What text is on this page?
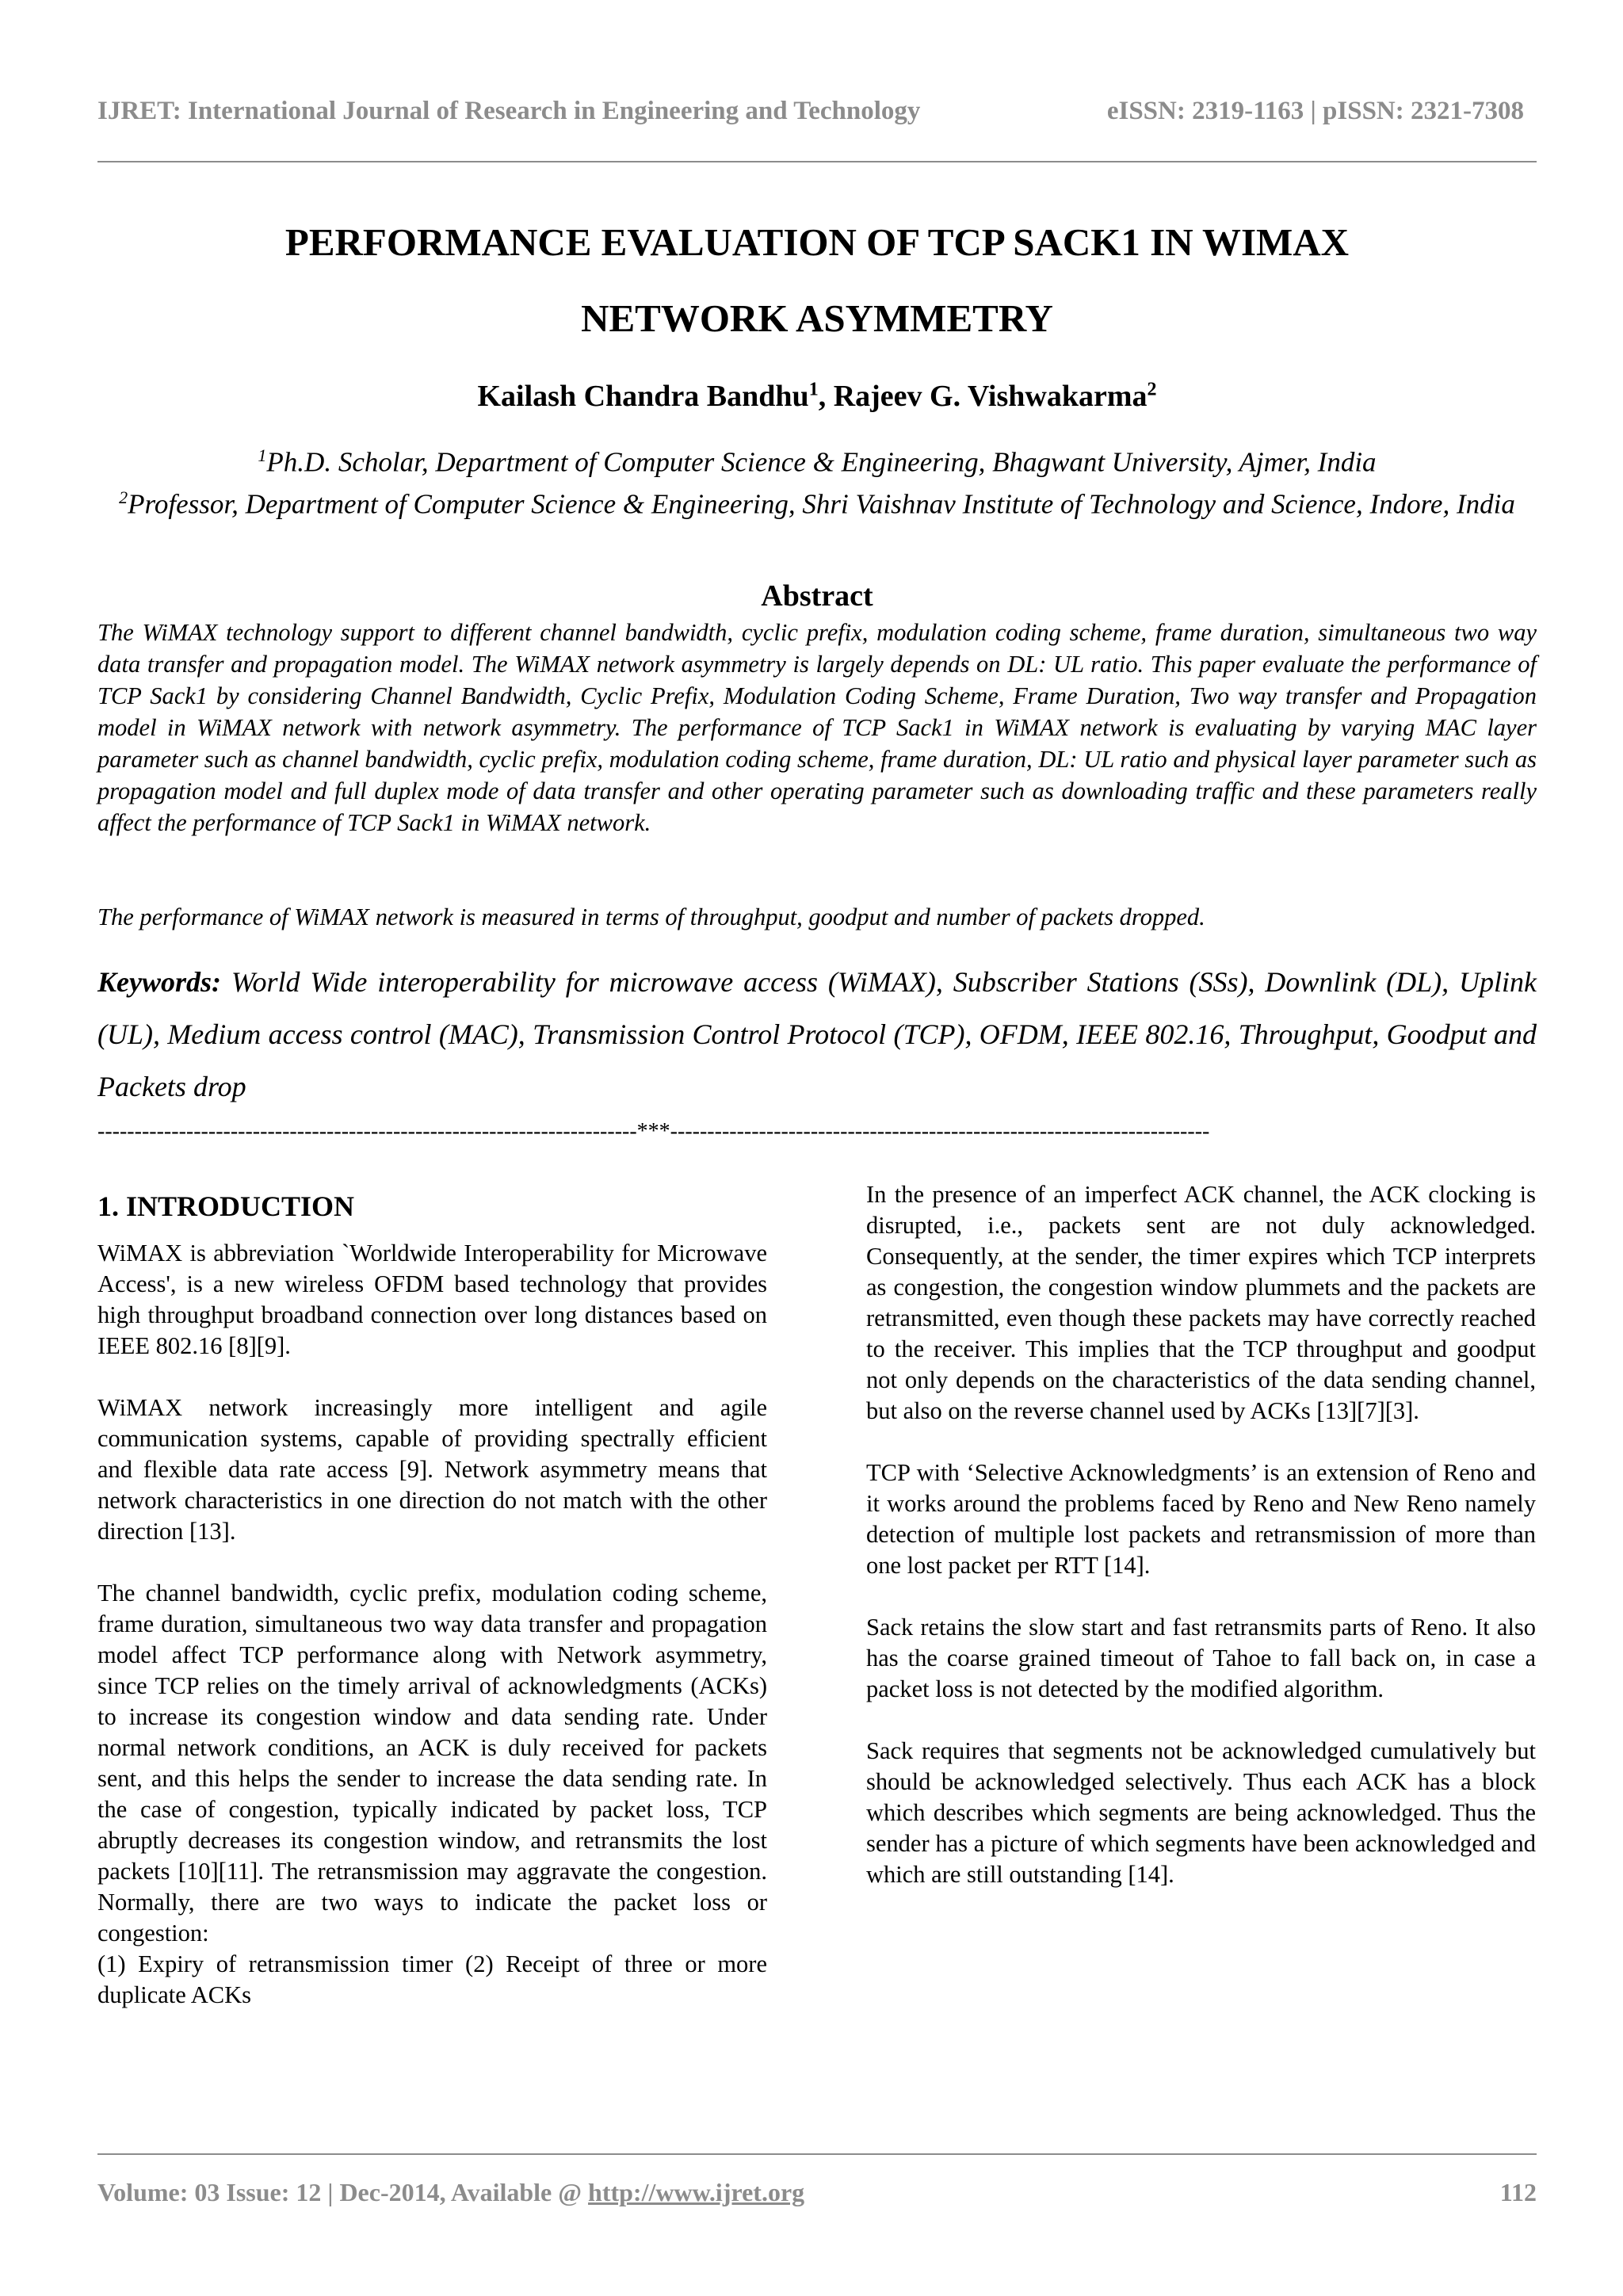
IJRET: International Journal of Research in Engineering and Technology	eISSN: 2319-1163 | pISSN: 2321-7308
PERFORMANCE EVALUATION OF TCP SACK1 IN WIMAX
NETWORK ASYMMETRY
Kailash Chandra Bandhu$^1$, Rajeev G. Vishwakarma$^2$
$^1$Ph.D. Scholar, Department of Computer Science & Engineering, Bhagwant University, Ajmer, India
$^2$Professor, Department of Computer Science & Engineering, Shri Vaishnav Institute of Technology and Science, Indore, India
Abstract
The WiMAX technology support to different channel bandwidth, cyclic prefix, modulation coding scheme, frame duration, simultaneous two way data transfer and propagation model. The WiMAX network asymmetry is largely depends on DL: UL ratio. This paper evaluate the performance of TCP Sack1 by considering Channel Bandwidth, Cyclic Prefix, Modulation Coding Scheme, Frame Duration, Two way transfer and Propagation model in WiMAX network with network asymmetry. The performance of TCP Sack1 in WiMAX network is evaluating by varying MAC layer parameter such as channel bandwidth, cyclic prefix, modulation coding scheme, frame duration, DL: UL ratio and physical layer parameter such as propagation model and full duplex mode of data transfer and other operating parameter such as downloading traffic and these parameters really affect the performance of TCP Sack1 in WiMAX network.
The performance of WiMAX network is measured in terms of throughput, goodput and number of packets dropped.
Keywords: World Wide interoperability for microwave access (WiMAX), Subscriber Stations (SSs), Downlink (DL), Uplink (UL), Medium access control (MAC), Transmission Control Protocol (TCP), OFDM, IEEE 802.16, Throughput, Goodput and Packets drop
-------------------------------------------------------------------------***-------------------------------------------------------------------------
1. INTRODUCTION

WiMAX is abbreviation `Worldwide Interoperability for Microwave Access', is a new wireless OFDM based technology that provides high throughput broadband connection over long distances based on IEEE 802.16 [8][9].

WiMAX network increasingly more intelligent and agile communication systems, capable of providing spectrally efficient and flexible data rate access [9]. Network asymmetry means that network characteristics in one direction do not match with the other direction [13].

The channel bandwidth, cyclic prefix, modulation coding scheme, frame duration, simultaneous two way data transfer and propagation model affect TCP performance along with Network asymmetry, since TCP relies on the timely arrival of acknowledgments (ACKs) to increase its congestion window and data sending rate. Under normal network conditions, an ACK is duly received for packets sent, and this helps the sender to increase the data sending rate. In the case of congestion, typically indicated by packet loss, TCP abruptly decreases its congestion window, and retransmits the lost packets [10][11]. The retransmission may aggravate the congestion. Normally, there are two ways to indicate the packet loss or congestion:

(1) Expiry of retransmission timer (2) Receipt of three or more duplicate ACKs

In the presence of an imperfect ACK channel, the ACK clocking is disrupted, i.e., packets sent are not duly acknowledged. Consequently, at the sender, the timer expires which TCP interprets as congestion, the congestion window plummets and the packets are retransmitted, even though these packets may have correctly reached to the receiver. This implies that the TCP throughput and goodput not only depends on the characteristics of the data sending channel, but also on the reverse channel used by ACKs [13][7][3].

TCP with ‘Selective Acknowledgments’ is an extension of Reno and it works around the problems faced by Reno and New Reno namely detection of multiple lost packets and retransmission of more than one lost packet per RTT [14].

Sack retains the slow start and fast retransmits parts of Reno. It also has the coarse grained timeout of Tahoe to fall back on, in case a packet loss is not detected by the modified algorithm.

Sack requires that segments not be acknowledged cumulatively but should be acknowledged selectively. Thus each ACK has a block which describes which segments are being acknowledged. Thus the sender has a picture of which segments have been acknowledged and which are still outstanding [14].

Volume: 03 Issue: 12 | Dec-2014, Available @ http://www.ijret.org	112
